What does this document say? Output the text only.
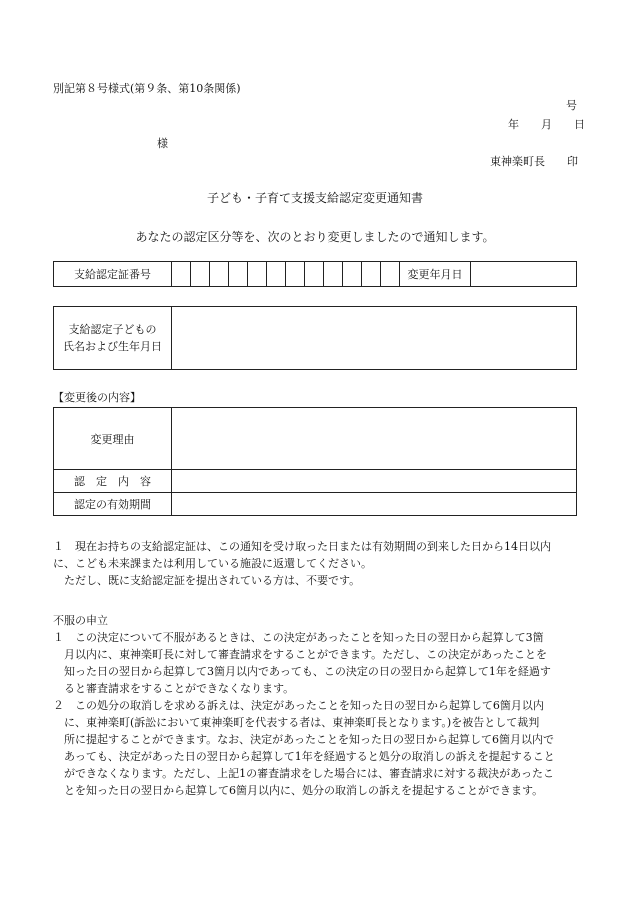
別記第８号様式(第９条、第10条関係)
号
年　　月　　日
様
東神楽町長　　印
子ども・子育て支援支給認定変更通知書
あなたの認定区分等を、次のとおり変更しましたので通知します。
支給認定証番号													変更年月日	
支給認定子どもの
氏名および生年月日

【変更後の内容】
変更理由	
認　定　内　容	
認定の有効期間	

１　現在お持ちの支給認定証は、この通知を受け取った日または有効期間の到来した日から14日以内

に、こども未来課または利用している施設に返還してください。

ただし、既に支給認定証を提出されている方は、不要です。

不服の申立

１　この決定について不服があるときは、この決定があったことを知った日の翌日から起算して3箇

月以内に、東神楽町長に対して審査請求をすることができます。ただし、この決定があったことを

知った日の翌日から起算して3箇月以内であっても、この決定の日の翌日から起算して1年を経過す

ると審査請求をすることができなくなります。

２　この処分の取消しを求める訴えは、決定があったことを知った日の翌日から起算して6箇月以内

に、東神楽町(訴訟において東神楽町を代表する者は、東神楽町長となります。)を被告として裁判

所に提起することができます。なお、決定があったことを知った日の翌日から起算して6箇月以内で

あっても、決定があった日の翌日から起算して1年を経過すると処分の取消しの訴えを提起すること

ができなくなります。ただし、上記1の審査請求をした場合には、審査請求に対する裁決があったこ

とを知った日の翌日から起算して6箇月以内に、処分の取消しの訴えを提起することができます。
